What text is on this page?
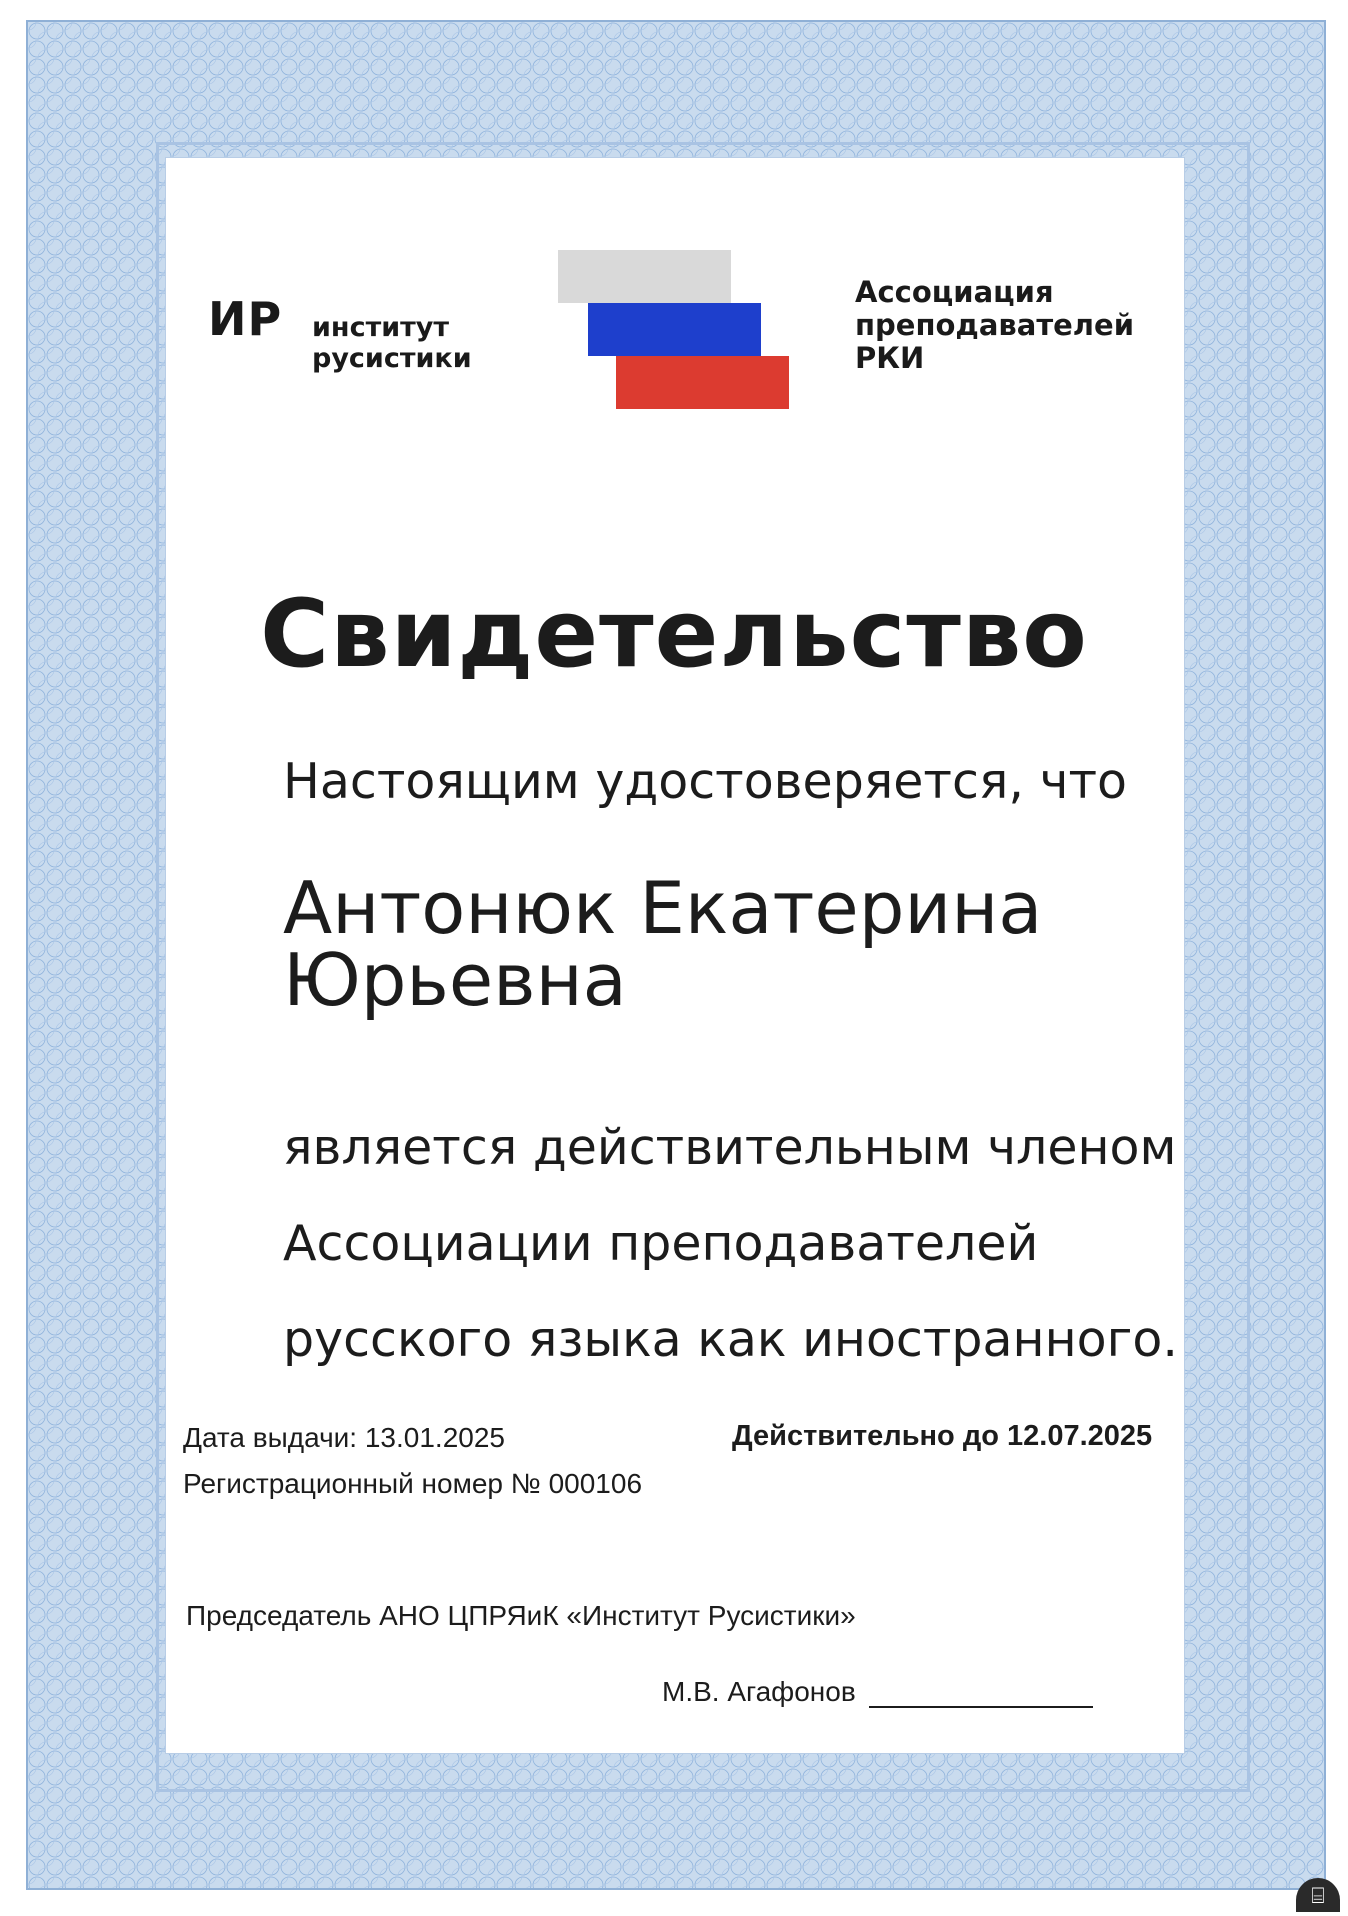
ИР институт
русистики
Ассоциация
преподавателей
РКИ
Свидетельство
Настоящим удостоверяется, что
Антонюк Екатерина
Юрьевна
является действительным членом
Ассоциации преподавателей
русского языка как иностранного.
Дата выдачи: 13.01.2025
Регистрационный номер № 000106
Действительно до 12.07.2025
Председатель АНО ЦПРЯиК «Институт Русистики»
М.В. Агафонов
⌸
